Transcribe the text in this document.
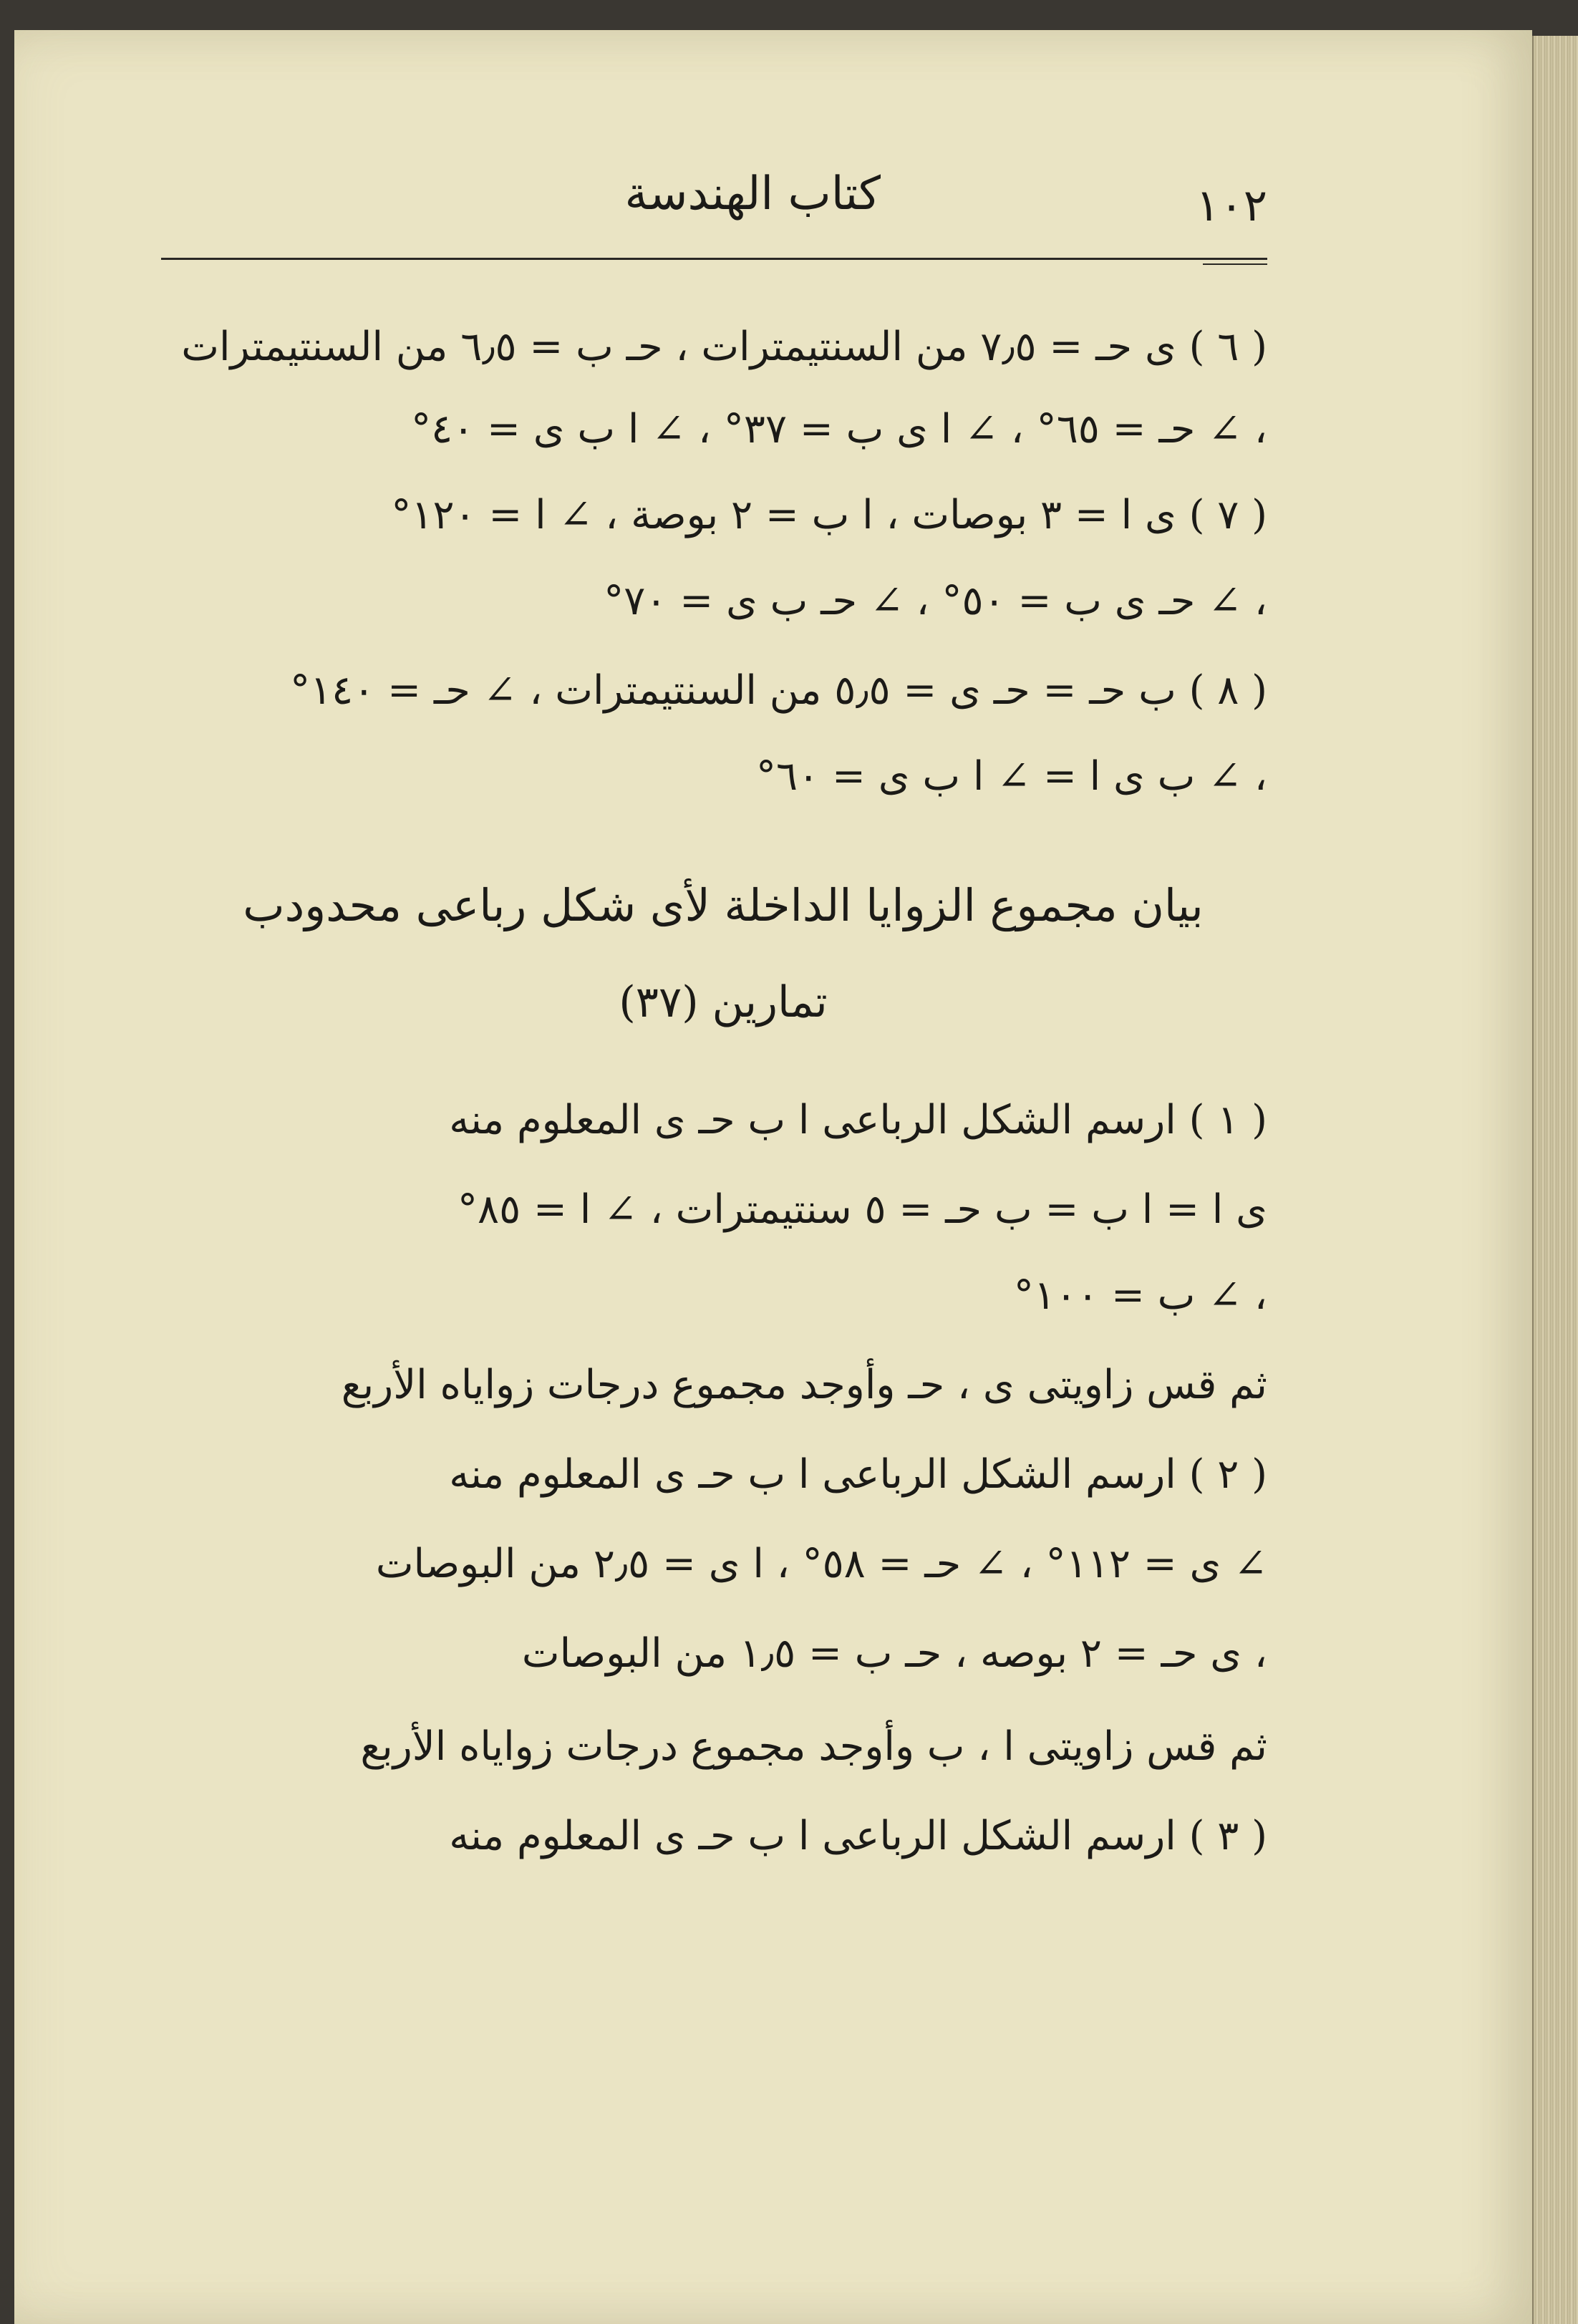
١٠٢
كتاب الهندسة
( ٦ ) ى حـ = ٧٫٥ من السنتيمترات ، حـ ب = ٦٫٥ من السنتيمترات
، ∠ حـ = ٦٥° ، ∠ ا ى ب = ٣٧° ، ∠ ا ب ى = ٤٠°
( ٧ ) ى ا = ٣ بوصات ، ا ب = ٢ بوصة ، ∠ ا = ١٢٠°
، ∠ حـ ى ب = ٥٠° ، ∠ حـ ب ى = ٧٠°
( ٨ ) ب حـ = حـ ى = ٥٫٥ من السنتيمترات ، ∠ حـ = ١٤٠°
، ∠ ب ى ا = ∠ ا ب ى = ٦٠°
بيان مجموع الزوايا الداخلة لأى شكل رباعى محدودب
تمارين (٣٧)
( ١ ) ارسم الشكل الرباعى ا ب حـ ى المعلوم منه
ى ا = ا ب = ب حـ = ٥ سنتيمترات ، ∠ ا = ٨٥°
، ∠ ب = ١٠٠°
ثم قس زاويتى ى ، حـ وأوجد مجموع درجات زواياه الأربع
( ٢ ) ارسم الشكل الرباعى ا ب حـ ى المعلوم منه
∠ ى = ١١٢° ، ∠ حـ = ٥٨° ، ا ى = ٢٫٥ من البوصات
، ى حـ = ٢ بوصه ، حـ ب = ١٫٥ من البوصات
ثم قس زاويتى ا ، ب وأوجد مجموع درجات زواياه الأربع
( ٣ ) ارسم الشكل الرباعى ا ب حـ ى المعلوم منه
